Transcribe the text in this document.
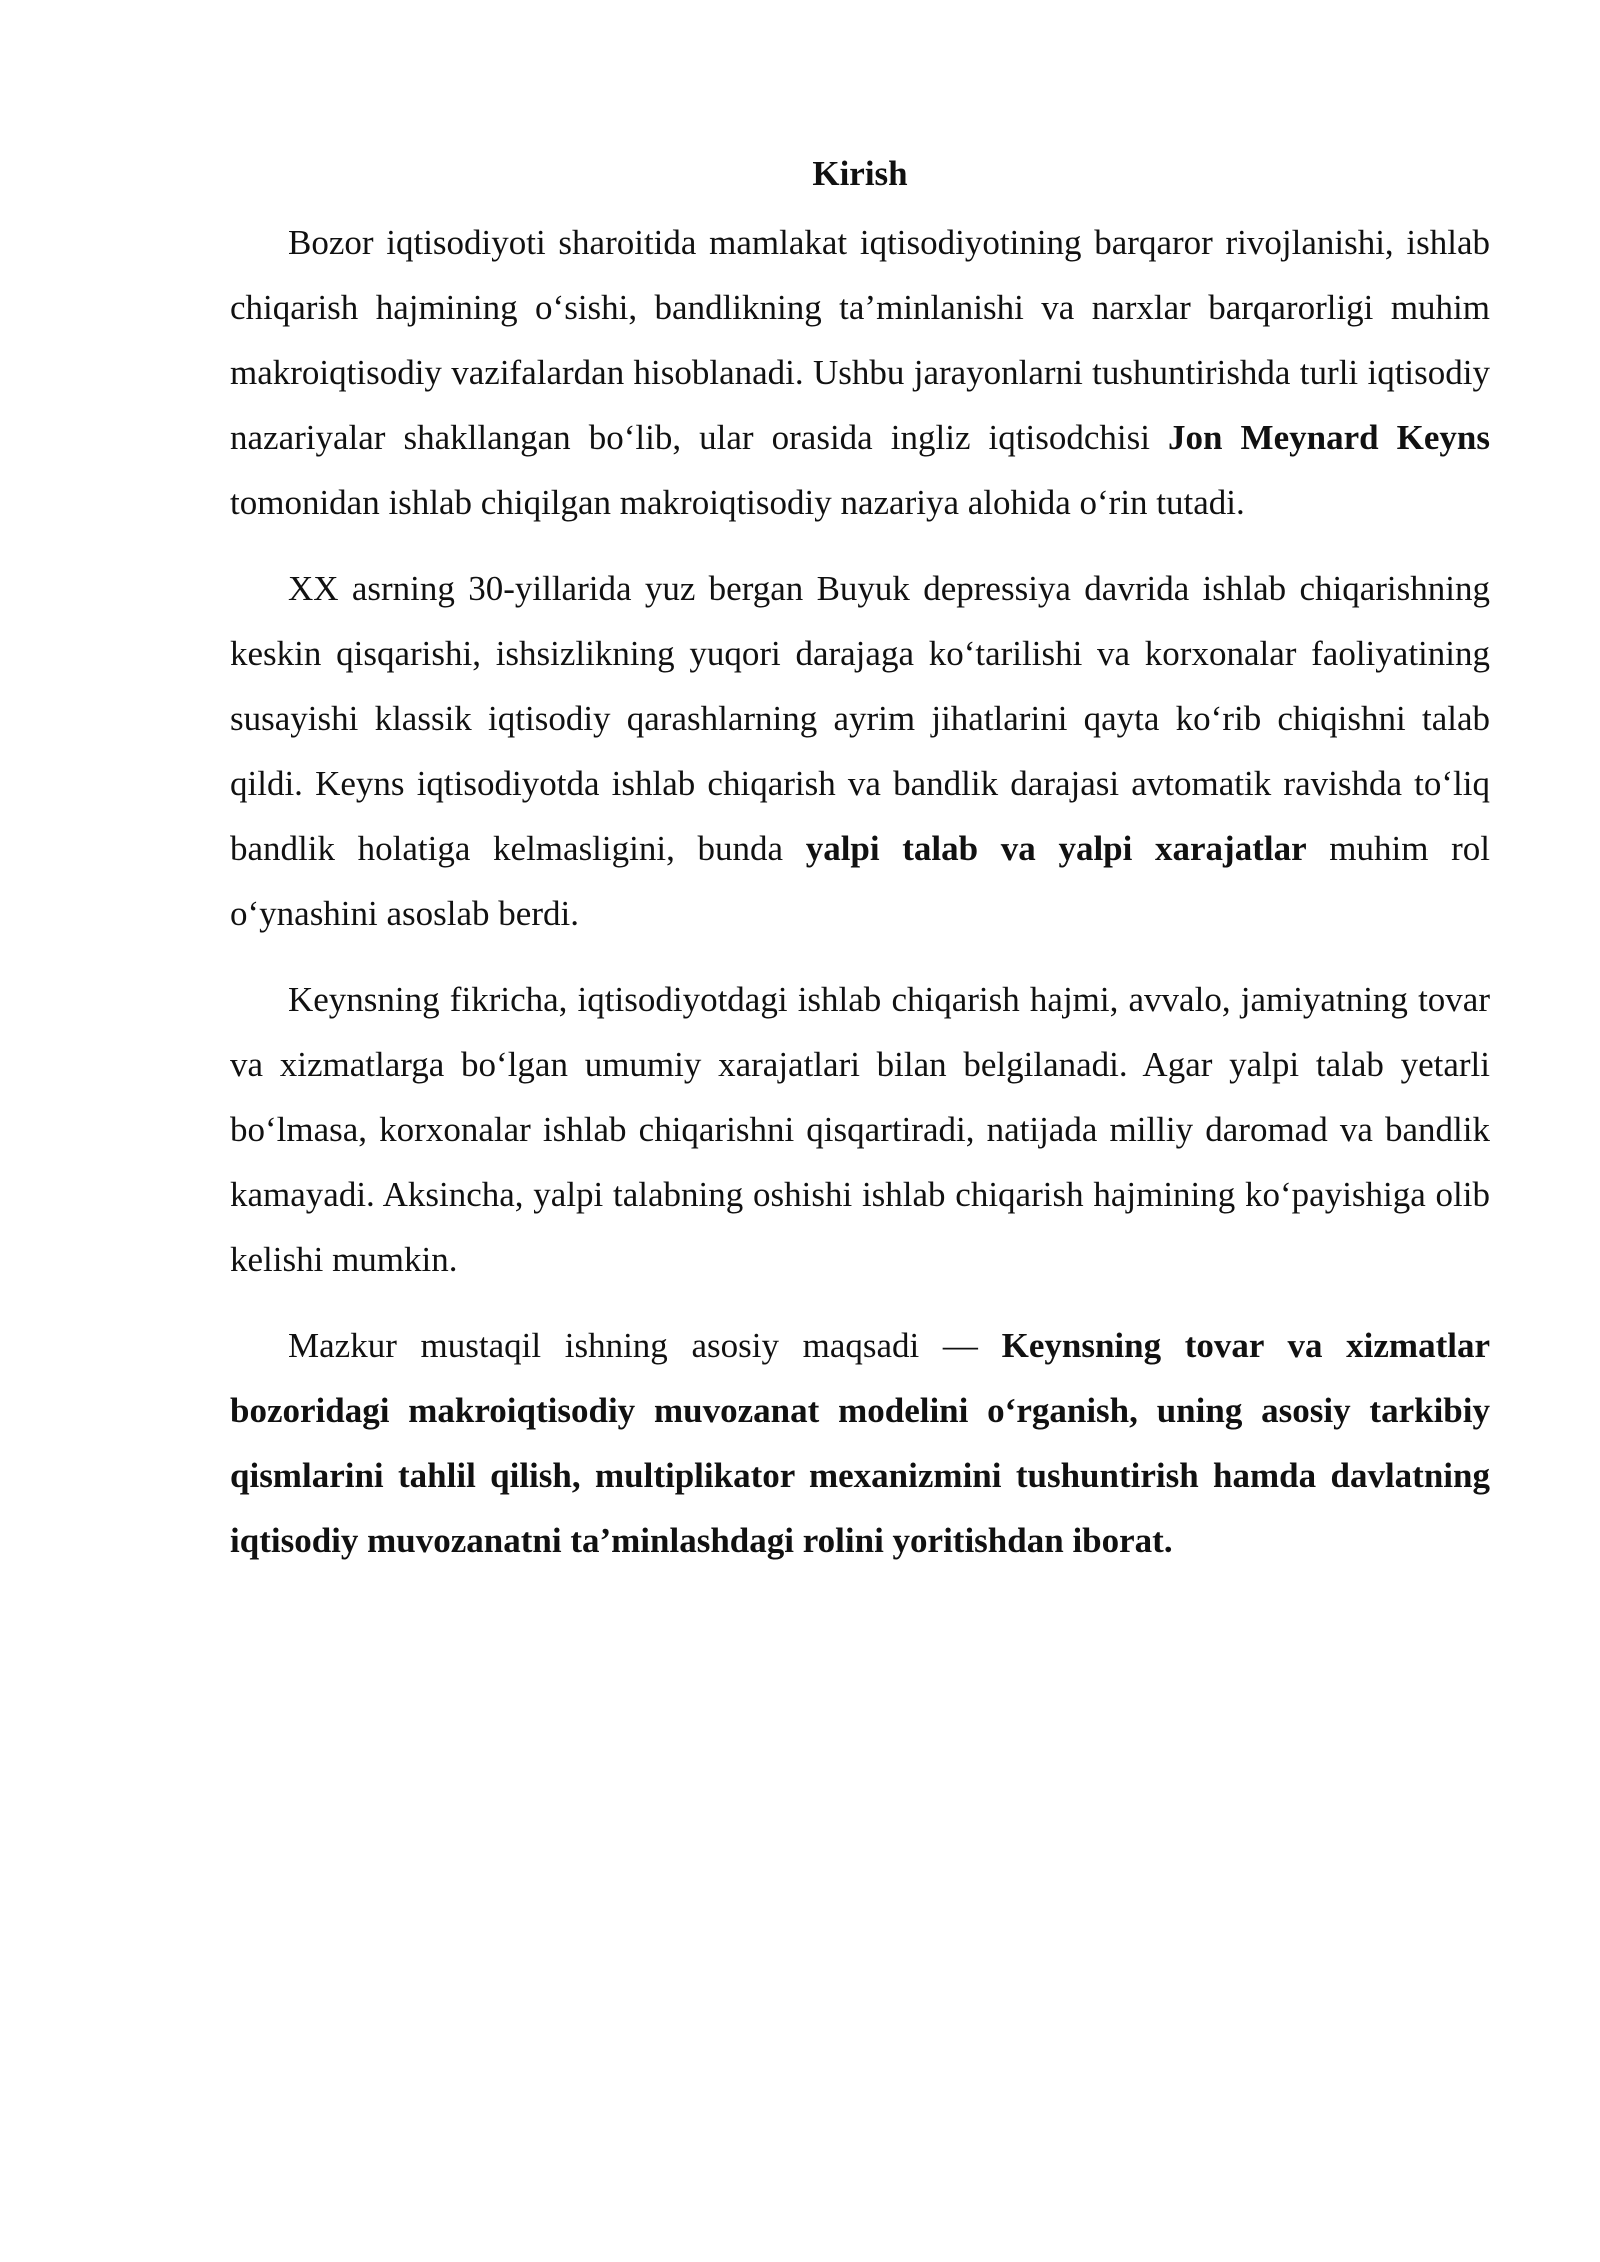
Kirish

Bozor iqtisodiyoti sharoitida mamlakat iqtisodiyotining barqaror rivojlanishi, ishlab chiqarish hajmining o‘sishi, bandlikning ta’minlanishi va narxlar barqarorligi muhim makroiqtisodiy vazifalardan hisoblanadi. Ushbu jarayonlarni tushuntirishda turli iqtisodiy nazariyalar shakllangan bo‘lib, ular orasida ingliz iqtisodchisi Jon Meynard Keyns tomonidan ishlab chiqilgan makroiqtisodiy nazariya alohida o‘rin tutadi.

XX asrning 30-yillarida yuz bergan Buyuk depressiya davrida ishlab chiqarishning keskin qisqarishi, ishsizlikning yuqori darajaga ko‘tarilishi va korxonalar faoliyatining susayishi klassik iqtisodiy qarashlarning ayrim jihatlarini qayta ko‘rib chiqishni talab qildi. Keyns iqtisodiyotda ishlab chiqarish va bandlik darajasi avtomatik ravishda to‘liq bandlik holatiga kelmasligini, bunda yalpi talab va yalpi xarajatlar muhim rol o‘ynashini asoslab berdi.

Keynsning fikricha, iqtisodiyotdagi ishlab chiqarish hajmi, avvalo, jamiyatning tovar va xizmatlarga bo‘lgan umumiy xarajatlari bilan belgilanadi. Agar yalpi talab yetarli bo‘lmasa, korxonalar ishlab chiqarishni qisqartiradi, natijada milliy daromad va bandlik kamayadi. Aksincha, yalpi talabning oshishi ishlab chiqarish hajmining ko‘payishiga olib kelishi mumkin.

Mazkur mustaqil ishning asosiy maqsadi — Keynsning tovar va xizmatlar bozoridagi makroiqtisodiy muvozanat modelini o‘rganish, uning asosiy tarkibiy qismlarini tahlil qilish, multiplikator mexanizmini tushuntirish hamda davlatning iqtisodiy muvozanatni ta’minlashdagi rolini yoritishdan iborat.
